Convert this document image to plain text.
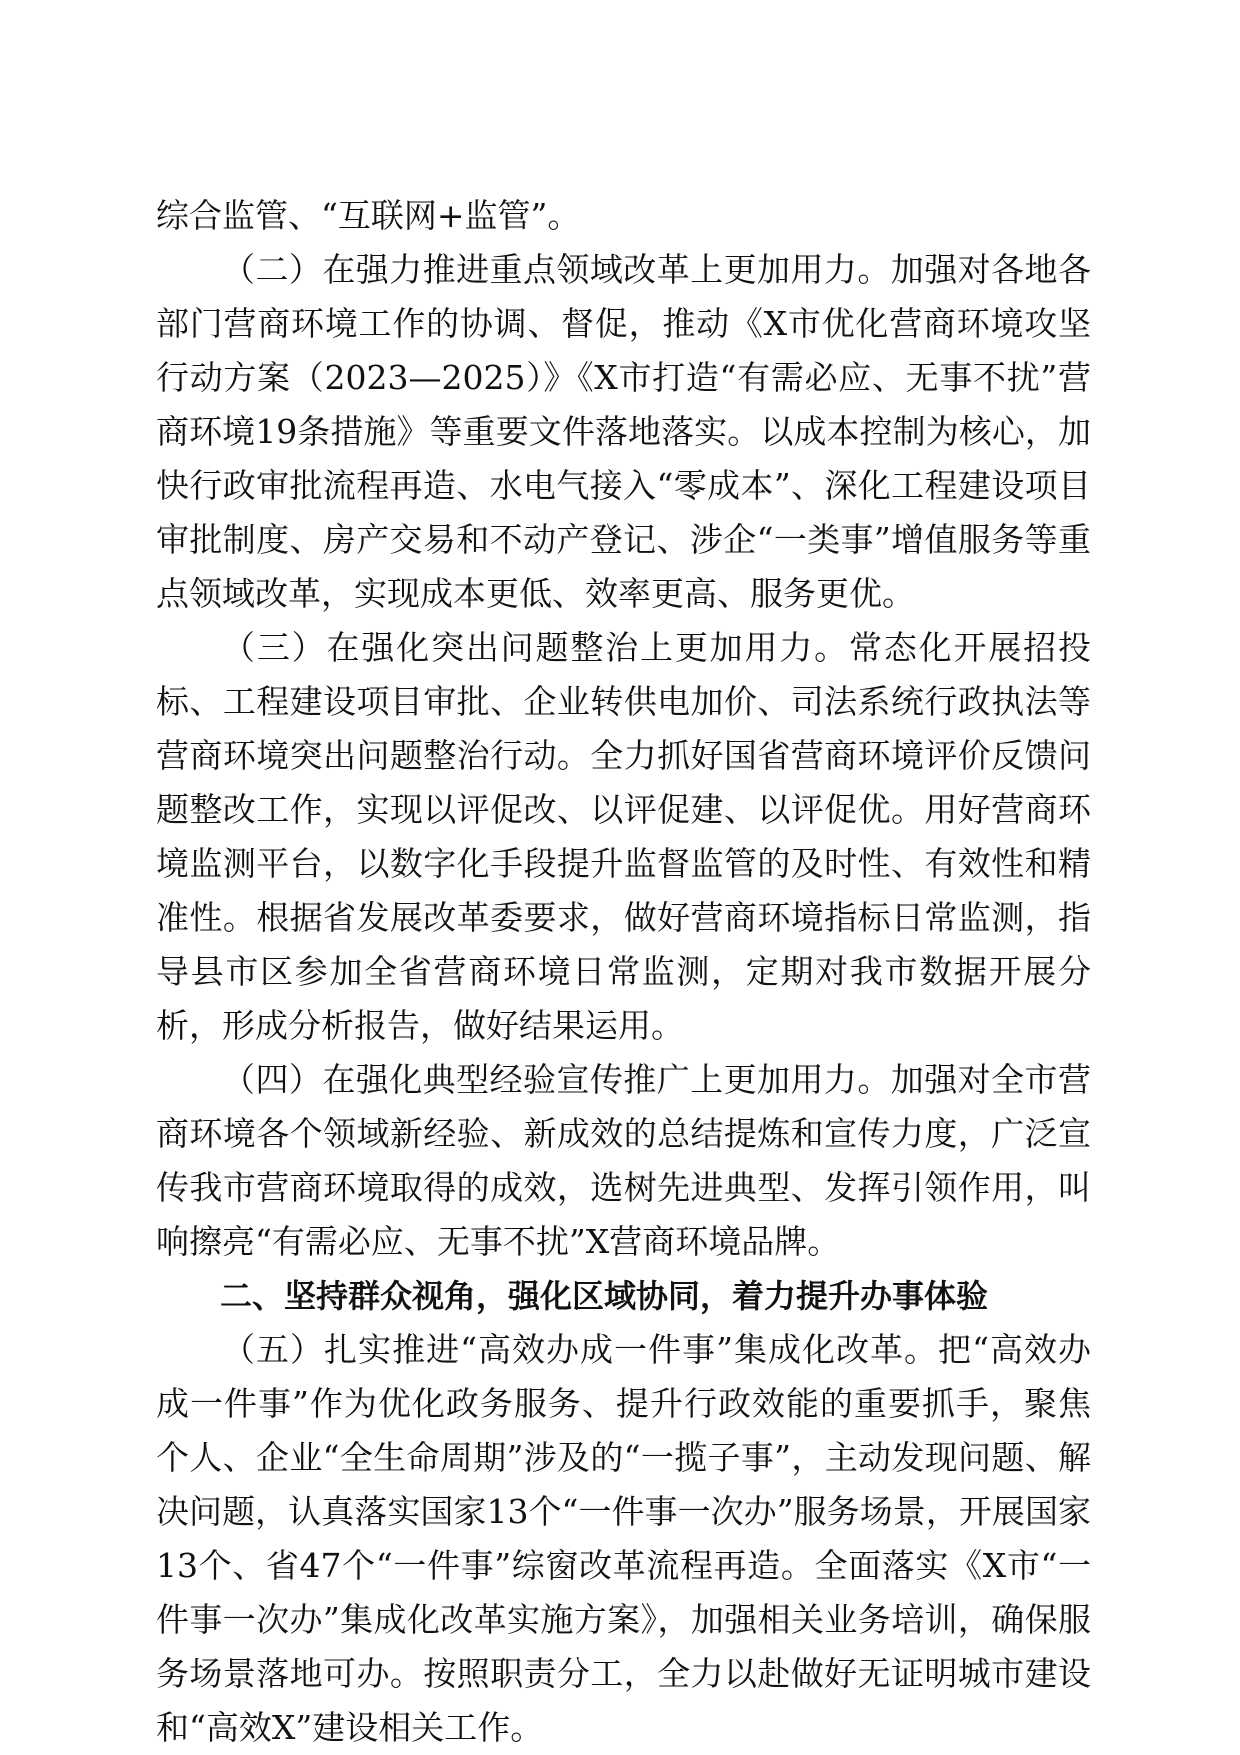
综合监管、“互联网+监管”。

（二）在强力推进重点领域改革上更加用力。加强对各地各部门营商环境工作的协调、督促，推动《X市优化营商环境攻坚行动方案（2023—2025）》《X市打造“有需必应、无事不扰”营商环境19条措施》等重要文件落地落实。以成本控制为核心，加快行政审批流程再造、水电气接入“零成本”、深化工程建设项目审批制度、房产交易和不动产登记、涉企“一类事”增值服务等重点领域改革，实现成本更低、效率更高、服务更优。

（三）在强化突出问题整治上更加用力。常态化开展招投标、工程建设项目审批、企业转供电加价、司法系统行政执法等营商环境突出问题整治行动。全力抓好国省营商环境评价反馈问题整改工作，实现以评促改、以评促建、以评促优。用好营商环境监测平台，以数字化手段提升监督监管的及时性、有效性和精准性。根据省发展改革委要求，做好营商环境指标日常监测，指导县市区参加全省营商环境日常监测，定期对我市数据开展分析，形成分析报告，做好结果运用。

（四）在强化典型经验宣传推广上更加用力。加强对全市营商环境各个领域新经验、新成效的总结提炼和宣传力度，广泛宣传我市营商环境取得的成效，选树先进典型、发挥引领作用，叫响擦亮“有需必应、无事不扰”X营商环境品牌。

二、坚持群众视角，强化区域协同，着力提升办事体验

（五）扎实推进“高效办成一件事”集成化改革。把“高效办成一件事”作为优化政务服务、提升行政效能的重要抓手，聚焦个人、企业“全生命周期”涉及的“一揽子事”，主动发现问题、解决问题，认真落实国家13个“一件事一次办”服务场景，开展国家13个、省47个“一件事”综窗改革流程再造。全面落实《X市“一件事一次办”集成化改革实施方案》，加强相关业务培训，确保服务场景落地可办。按照职责分工，全力以赴做好无证明城市建设和“高效X”建设相关工作。
